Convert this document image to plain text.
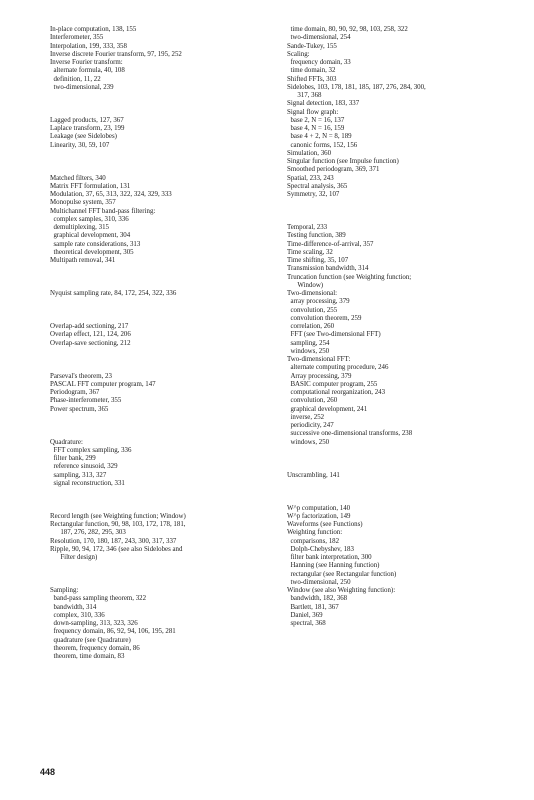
In-place computation, 138, 155
Interferometer, 355
Interpolation, 199, 333, 358
Inverse discrete Fourier transform, 97, 195, 252
Inverse Fourier transform:
alternate formula, 40, 108
definition, 11, 22
two-dimensional, 239

Lagged products, 127, 367
Laplace transform, 23, 199
Leakage (see Sidelobes)
Linearity, 30, 59, 107

Matched filters, 340
Matrix FFT formulation, 131
Modulation, 37, 65, 313, 322, 324, 329, 333
Monopulse system, 357
Multichannel FFT band-pass filtering:
complex samples, 310, 336
demultiplexing, 315
graphical development, 304
sample rate considerations, 313
theoretical development, 305
Multipath removal, 341

Nyquist sampling rate, 84, 172, 254, 322, 336

Overlap-add sectioning, 217
Overlap effect, 121, 124, 206
Overlap-save sectioning, 212

Parseval's theorem, 23
PASCAL FFT computer program, 147
Periodogram, 367
Phase-interferometer, 355
Power spectrum, 365

Quadrature:
FFT complex sampling, 336
filter bank, 299
reference sinusoid, 329
sampling, 313, 327
signal reconstruction, 331

Record length (see Weighting function; Window)
Rectangular function, 90, 98, 103, 172, 178, 181,
187, 276, 282, 295, 303
Resolution, 170, 180, 187, 243, 300, 317, 337
Ripple, 90, 94, 172, 346 (see also Sidelobes and
Filter design)

Sampling:
band-pass sampling theorem, 322
bandwidth, 314
complex, 310, 336
down-sampling, 313, 323, 326
frequency domain, 86, 92, 94, 106, 195, 281
quadrature (see Quadrature)
theorem, frequency domain, 86
theorem, time domain, 83
time domain, 80, 90, 92, 98, 103, 258, 322
two-dimensional, 254
Sande-Tukey, 155
Scaling:
frequency domain, 33
time domain, 32
Shifted FFTs, 303
Sidelobes, 103, 178, 181, 185, 187, 276, 284, 300,
317, 368
Signal detection, 183, 337
Signal flow graph:
base 2, N = 16, 137
base 4, N = 16, 159
base 4 + 2, N = 8, 189
canonic forms, 152, 156
Simulation, 360
Singular function (see Impulse function)
Smoothed periodogram, 369, 371
Spatial, 233, 243
Spectral analysis, 365
Symmetry, 32, 107

Temporal, 233
Testing function, 389
Time-difference-of-arrival, 357
Time scaling, 32
Time shifting, 35, 107
Transmission bandwidth, 314
Truncation function (see Weighting function;
Window)
Two-dimensional:
array processing, 379
convolution, 255
convolution theorem, 259
correlation, 260
FFT (see Two-dimensional FFT)
sampling, 254
windows, 250
Two-dimensional FFT:
alternate computing procedure, 246
Array processing, 379
BASIC computer program, 255
computational reorganization, 243
convolution, 260
graphical development, 241
inverse, 252
periodicity, 247
successive one-dimensional transforms, 238
windows, 250

Unscrambling, 141

W^p computation, 140
W^p factorization, 149
Waveforms (see Functions)
Weighting function:
comparisons, 182
Dolph-Chebyshev, 183
filter bank interpretation, 300
Hanning (see Hanning function)
rectangular (see Rectangular function)
two-dimensional, 250
Window (see also Weighting function):
bandwidth, 182, 368
Bartlett, 181, 367
Daniel, 369
spectral, 368
448
